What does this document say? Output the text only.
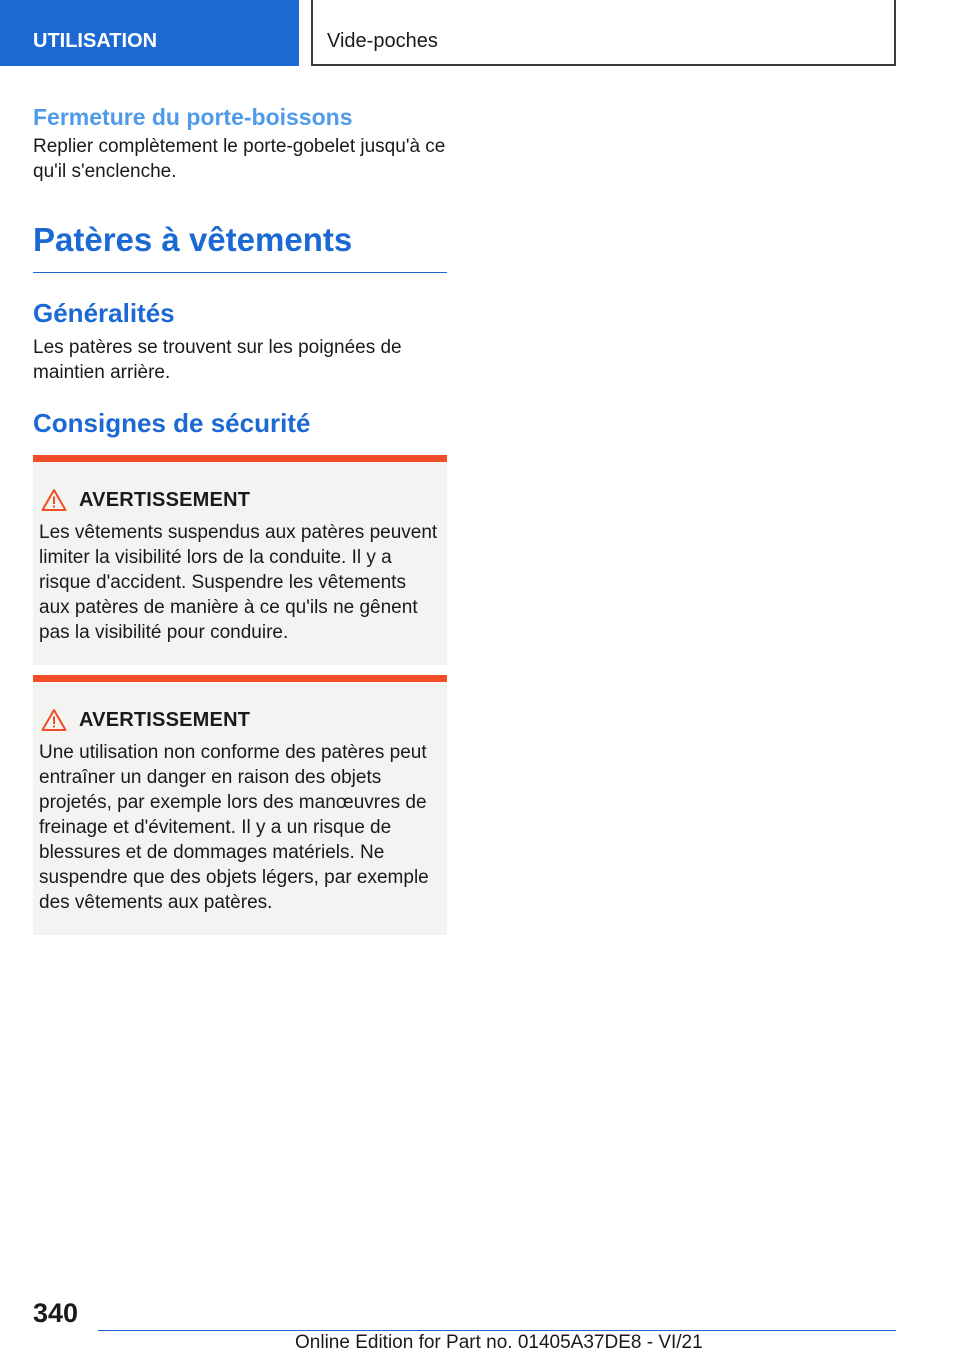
UTILISATION	Vide-poches
Fermeture du porte-boissons

Replier complètement le porte-gobelet jusqu'à ce qu'il s'enclenche.

Patères à vêtements
Généralités

Les patères se trouvent sur les poignées de maintien arrière.

Consignes de sécurité
AVERTISSEMENT

Les vêtements suspendus aux patères peuvent limiter la visibilité lors de la conduite. Il y a risque d'accident. Suspendre les vêtements aux patères de manière à ce qu'ils ne gênent pas la visibilité pour conduire.

AVERTISSEMENT

Une utilisation non conforme des patères peut entraîner un danger en raison des objets projetés, par exemple lors des manœuvres de freinage et d'évitement. Il y a un risque de blessures et de dommages matériels. Ne suspendre que des objets légers, par exemple des vêtements aux patères.

340
Online Edition for Part no. 01405A37DE8 - VI/21
